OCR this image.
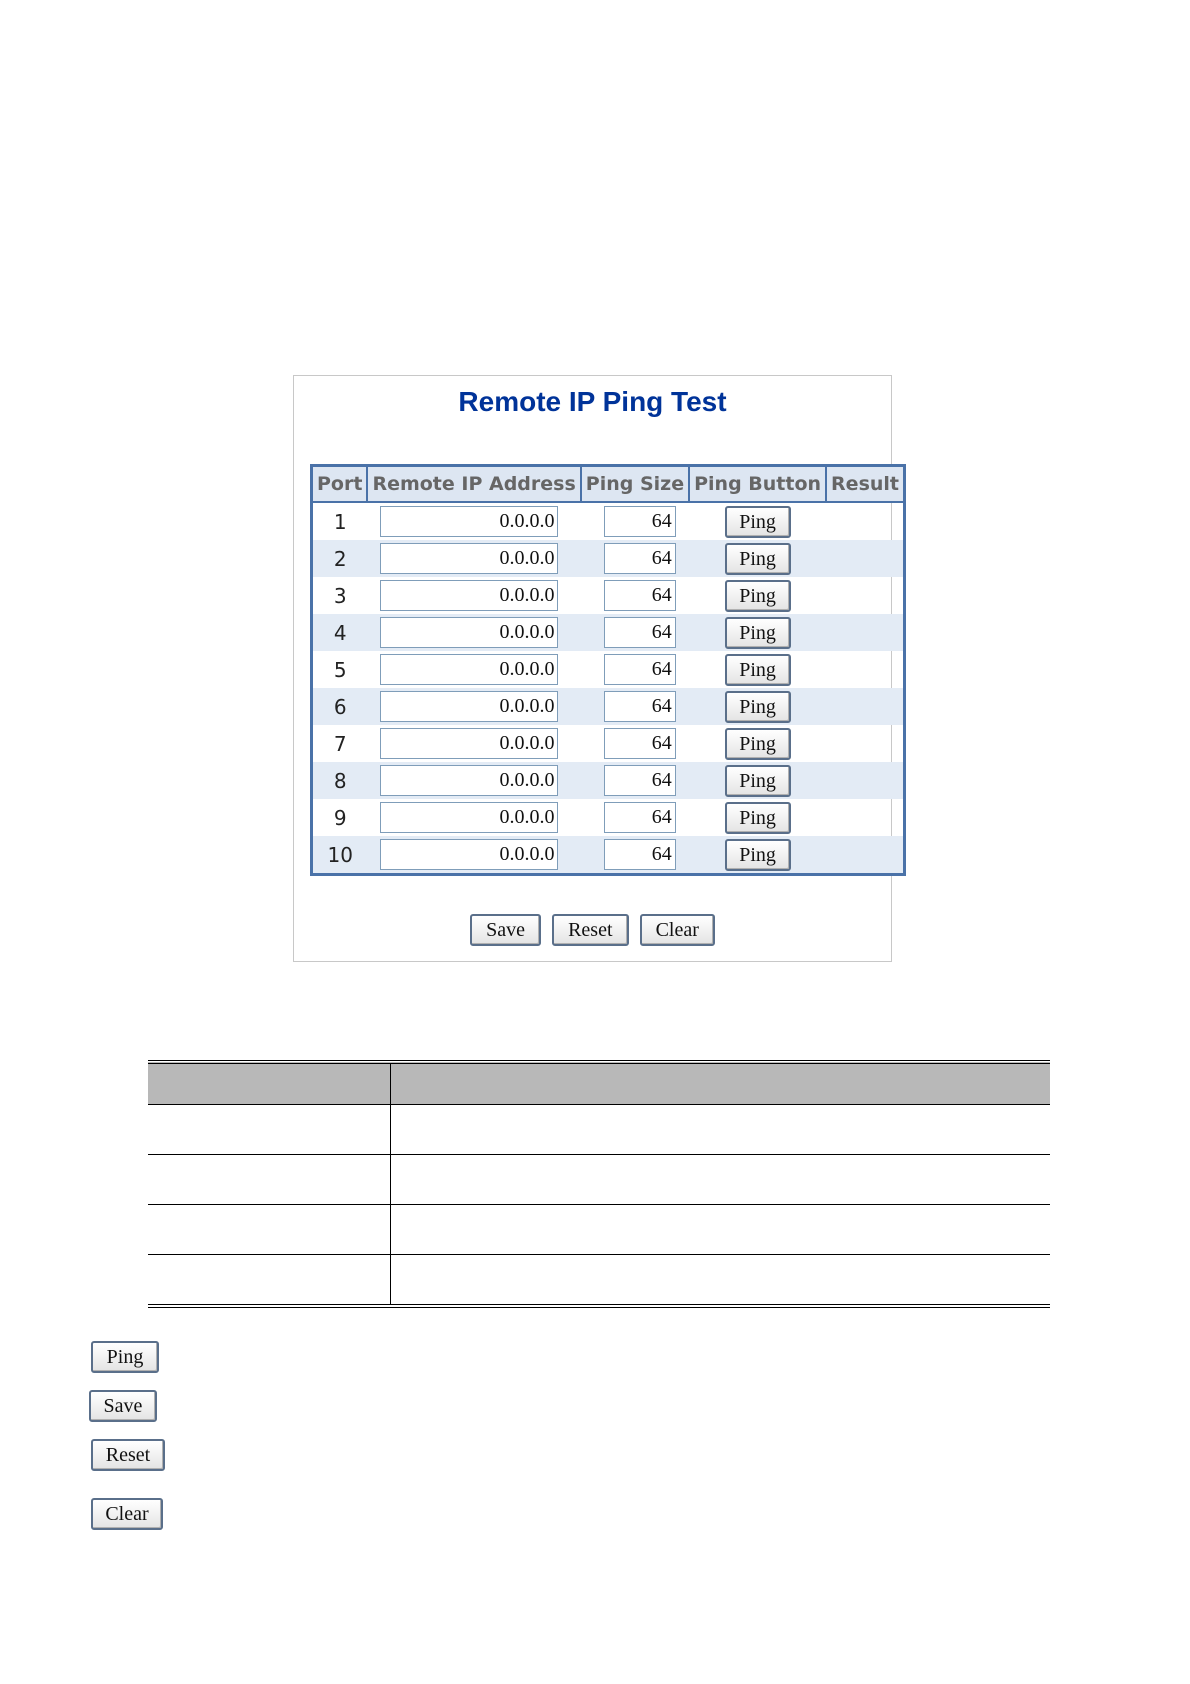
Remote IP Ping Test
Port	Remote IP Address	Ping Size	Ping Button	Result
1	0.0.0.0	64	Ping	
2	0.0.0.0	64	Ping	
3	0.0.0.0	64	Ping	
4	0.0.0.0	64	Ping	
5	0.0.0.0	64	Ping	
6	0.0.0.0	64	Ping	
7	0.0.0.0	64	Ping	
8	0.0.0.0	64	Ping	
9	0.0.0.0	64	Ping	
10	0.0.0.0	64	Ping	
Save Reset Clear

Ping
Save
Reset
Clear
